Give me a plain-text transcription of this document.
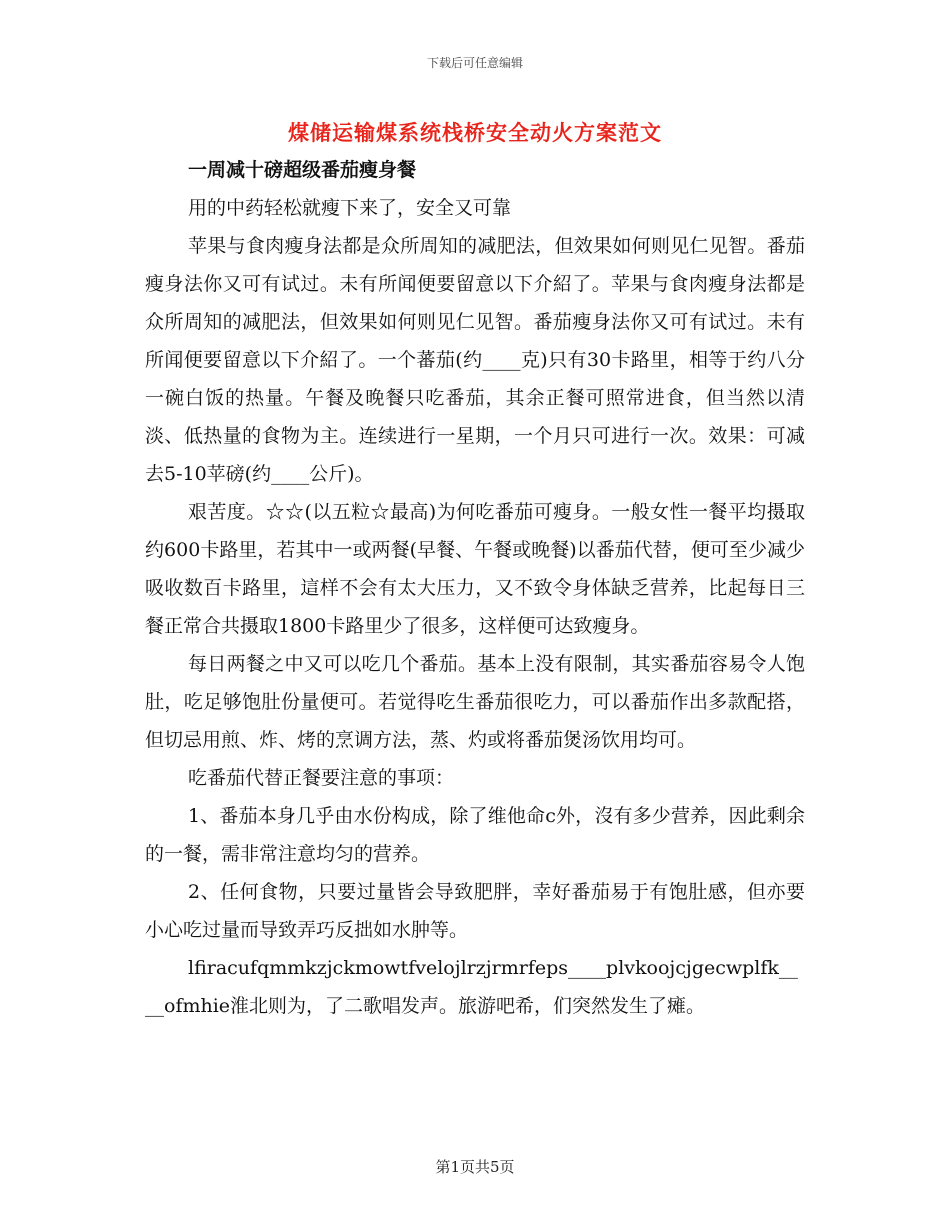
下载后可任意编辑
煤储运输煤系统栈桥安全动火方案范文

一周减十磅超级番茄瘦身餐

用的中药轻松就瘦下来了，安全又可靠

苹果与食肉瘦身法都是众所周知的减肥法，但效果如何则见仁见智。番茄瘦身法你又可有试过。未有所闻便要留意以下介紹了。苹果与食肉瘦身法都是众所周知的减肥法，但效果如何则见仁见智。番茄瘦身法你又可有试过。未有所闻便要留意以下介紹了。一个蕃茄(约____克)只有30卡路里，相等于约八分一碗白饭的热量。午餐及晚餐只吃番茄，其余正餐可照常进食，但当然以清淡、低热量的食物为主。连续进行一星期，一个月只可进行一次。效果：可减去5-10苹磅(约____公斤)。

艰苦度。☆☆(以五粒☆最高)为何吃番茄可瘦身。一般女性一餐平均摄取约600卡路里，若其中一或两餐(早餐、午餐或晚餐)以番茄代替，便可至少减少吸收数百卡路里，這样不会有太大压力，又不致令身体缺乏营养，比起每日三餐正常合共摄取1800卡路里少了很多，这样便可达致瘦身。

每日两餐之中又可以吃几个番茄。基本上没有限制，其实番茄容易令人饱肚，吃足够饱肚份量便可。若觉得吃生番茄很吃力，可以番茄作出多款配搭，但切忌用煎、炸、烤的烹调方法，蒸、灼或将番茄煲汤饮用均可。

吃番茄代替正餐要注意的事项：

1、番茄本身几乎由水份构成，除了维他命c外，沒有多少营养，因此剩余的一餐，需非常注意均匀的营养。

2、任何食物，只要过量皆会导致肥胖，幸好番茄易于有饱肚感，但亦要小心吃过量而导致弄巧反拙如水肿等。

lfiracufqmmkzjckmowtfvelojlrzjrmrfeps____plvkoojcjgecwplfk____ofmhie淮北则为，了二歌唱发声。旅游吧希，们突然发生了瘫。

第1页共5页
